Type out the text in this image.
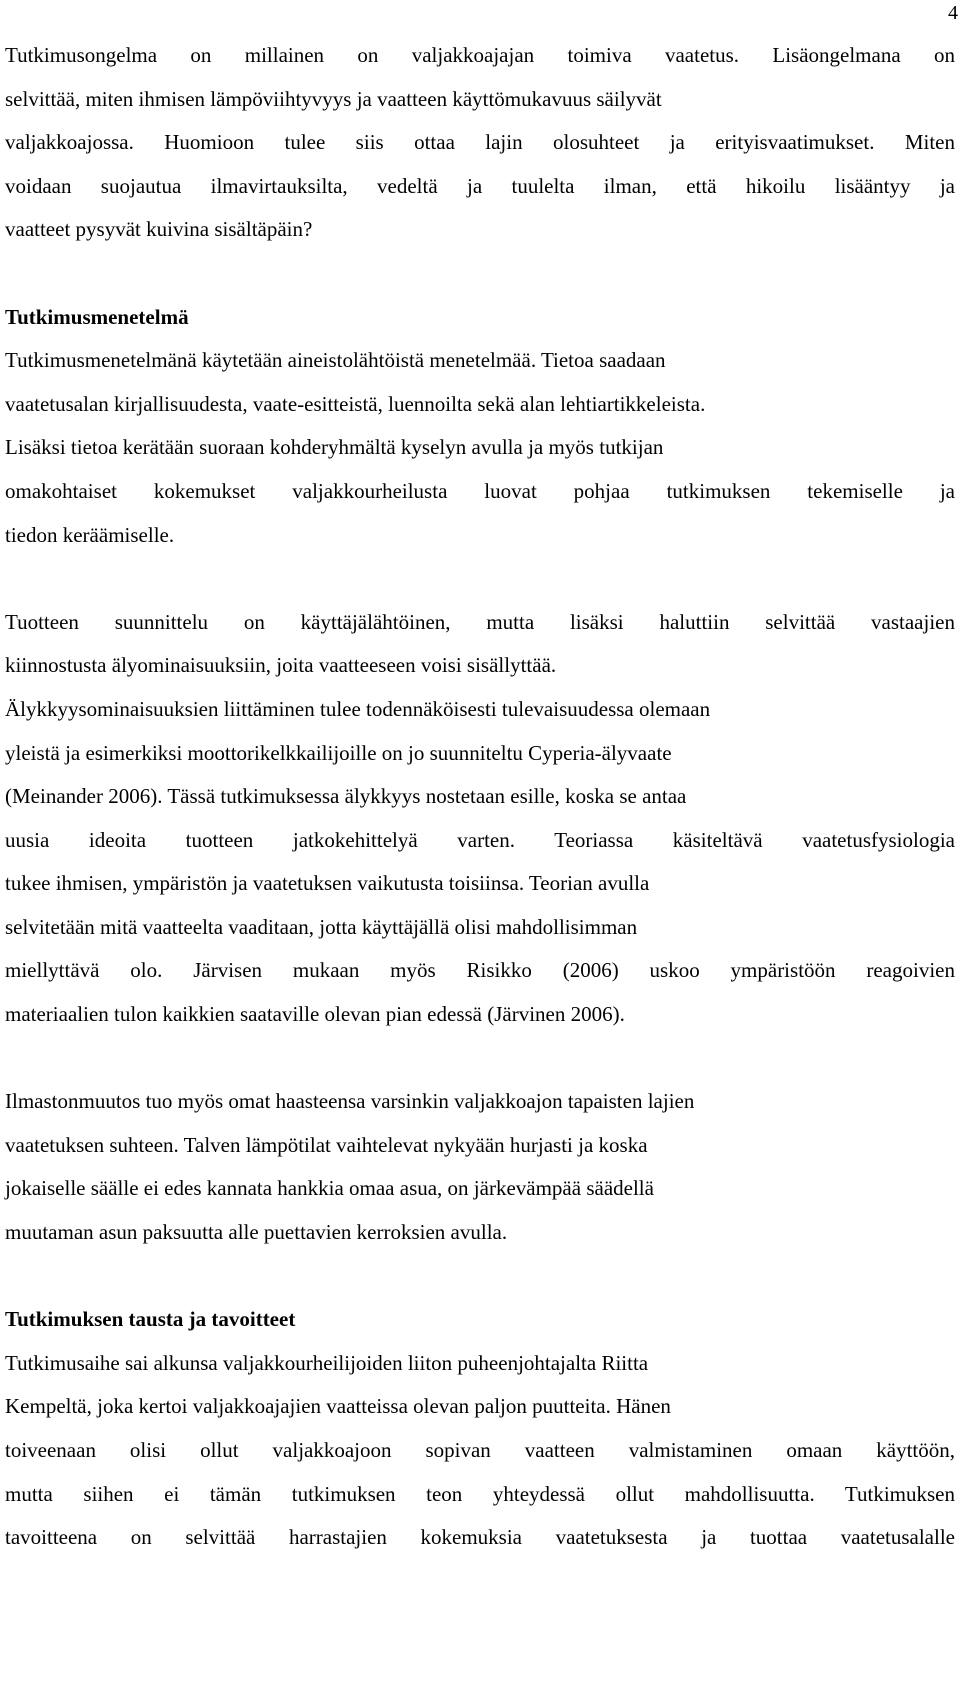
4
Tutkimusongelma on millainen on valjakkoajajan toimiva vaatetus. Lisäongelmana on
selvittää, miten ihmisen lämpöviihtyvyys ja vaatteen käyttömukavuus säilyvät
valjakkoajossa. Huomioon tulee siis ottaa lajin olosuhteet ja erityisvaatimukset. Miten
voidaan suojautua ilmavirtauksilta, vedeltä ja tuulelta ilman, että hikoilu lisääntyy ja
vaatteet pysyvät kuivina sisältäpäin?
Tutkimusmenetelmä
Tutkimusmenetelmänä käytetään aineistolähtöistä menetelmää. Tietoa saadaan
vaatetusalan kirjallisuudesta, vaate-esitteistä, luennoilta sekä alan lehtiartikkeleista.
Lisäksi tietoa kerätään suoraan kohderyhmältä kyselyn avulla ja myös tutkijan
omakohtaiset kokemukset valjakkourheilusta luovat pohjaa tutkimuksen tekemiselle ja
tiedon keräämiselle.
Tuotteen suunnittelu on käyttäjälähtöinen, mutta lisäksi haluttiin selvittää vastaajien
kiinnostusta älyominaisuuksiin, joita vaatteeseen voisi sisällyttää.
Älykkyysominaisuuksien liittäminen tulee todennäköisesti tulevaisuudessa olemaan
yleistä ja esimerkiksi moottorikelkkailijoille on jo suunniteltu Cyperia-älyvaate
(Meinander 2006). Tässä tutkimuksessa älykkyys nostetaan esille, koska se antaa
uusia ideoita tuotteen jatkokehittelyä varten. Teoriassa käsiteltävä vaatetusfysiologia
tukee ihmisen, ympäristön ja vaatetuksen vaikutusta toisiinsa. Teorian avulla
selvitetään mitä vaatteelta vaaditaan, jotta käyttäjällä olisi mahdollisimman
miellyttävä olo. Järvisen mukaan myös Risikko (2006) uskoo ympäristöön reagoivien
materiaalien tulon kaikkien saataville olevan pian edessä (Järvinen 2006).
Ilmastonmuutos tuo myös omat haasteensa varsinkin valjakkoajon tapaisten lajien
vaatetuksen suhteen. Talven lämpötilat vaihtelevat nykyään hurjasti ja koska
jokaiselle säälle ei edes kannata hankkia omaa asua, on järkevämpää säädellä
muutaman asun paksuutta alle puettavien kerroksien avulla.
Tutkimuksen tausta ja tavoitteet
Tutkimusaihe sai alkunsa valjakkourheilijoiden liiton puheenjohtajalta Riitta
Kempeltä, joka kertoi valjakkoajajien vaatteissa olevan paljon puutteita. Hänen
toiveenaan olisi ollut valjakkoajoon sopivan vaatteen valmistaminen omaan käyttöön,
mutta siihen ei tämän tutkimuksen teon yhteydessä ollut mahdollisuutta. Tutkimuksen
tavoitteena on selvittää harrastajien kokemuksia vaatetuksesta ja tuottaa vaatetusalalle
